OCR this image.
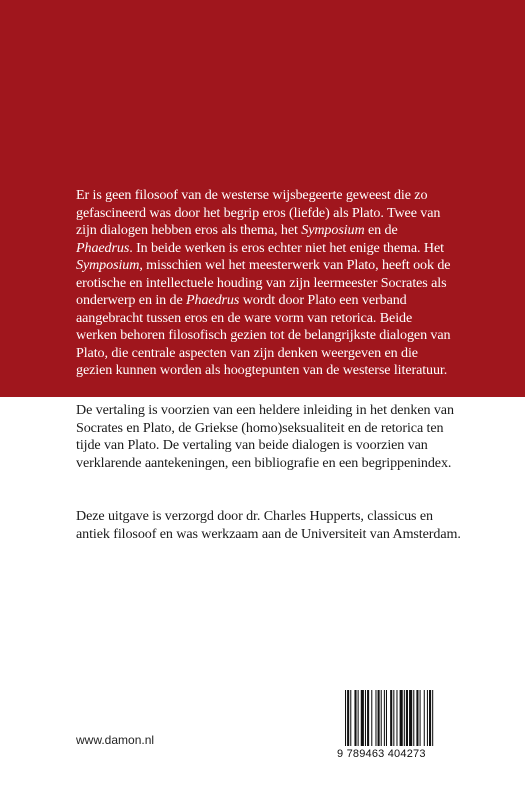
Er is geen filosoof van de westerse wijsbegeerte geweest die zo gefascineerd was door het begrip eros (liefde) als Plato. Twee van zijn dialogen hebben eros als thema, het Symposium en de Phaedrus. In beide werken is eros echter niet het enige thema. Het Symposium, misschien wel het meesterwerk van Plato, heeft ook de erotische en intellectuele houding van zijn leermeester Socrates als onderwerp en in de Phaedrus wordt door Plato een verband aangebracht tussen eros en de ware vorm van retorica. Beide werken behoren filosofisch gezien tot de belangrijkste dialogen van Plato, die centrale aspecten van zijn denken weergeven en die gezien kunnen worden als hoogtepunten van de westerse literatuur.
De vertaling is voorzien van een heldere inleiding in het denken van Socrates en Plato, de Griekse (homo)seksualiteit en de retorica ten tijde van Plato. De vertaling van beide dialogen is voorzien van verklarende aantekeningen, een bibliografie en een begrippenindex.
Deze uitgave is verzorgd door dr. Charles Hupperts, classicus en antiek filosoof en was werkzaam aan de Universiteit van Amsterdam.
www.damon.nl
9 789463 404273
